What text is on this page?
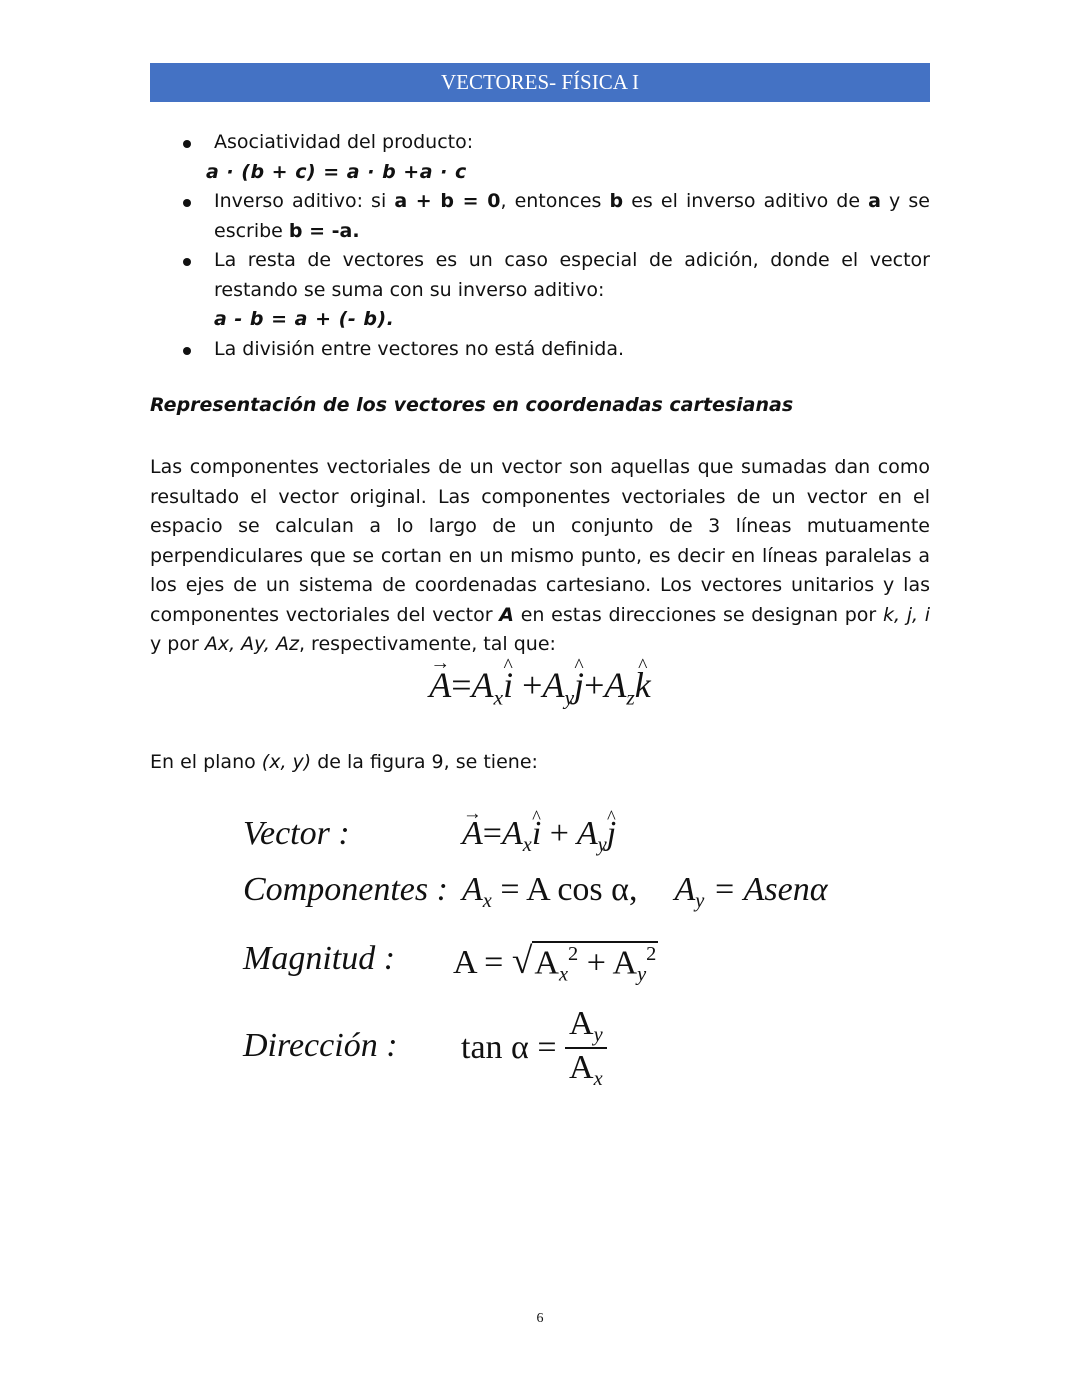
VECTORES- FÍSICA I
Asociatividad del producto:
a · (b + c) = a · b +a · c
Inverso aditivo: si a + b = 0, entonces b es el inverso aditivo de a y se escribe b = -a.
La resta de vectores es un caso especial de adición, donde el vector restando se suma con su inverso aditivo:
a - b = a + (- b).
La división entre vectores no está definida.
Representación de los vectores en coordenadas cartesianas
Las componentes vectoriales de un vector son aquellas que sumadas dan como resultado el vector original. Las componentes vectoriales de un vector en el espacio se calculan a lo largo de un conjunto de 3 líneas mutuamente perpendiculares que se cortan en un mismo punto, es decir en líneas paralelas a los ejes de un sistema de coordenadas cartesiano. Los vectores unitarios y las componentes vectoriales del vector A en estas direcciones se designan por k, j, i y por Ax, Ay, Az, respectivamente, tal que:
$A \to=A_xi$ ^ $+A_yj$ $\^{}+A_zk$ ^
En el plano (x, y) de la figura 9, se tiene:
Vector :	$A \to=A_xi$ ^ + $A_yj$ ^
Componentes : $A_x = A$ cos α, $A_y$ = Asenα
Magnitud : $A = √A_x^2 + A_y^2$
Dirección : $\tan \alpha = \frac{A_y}{A_x}$
6
